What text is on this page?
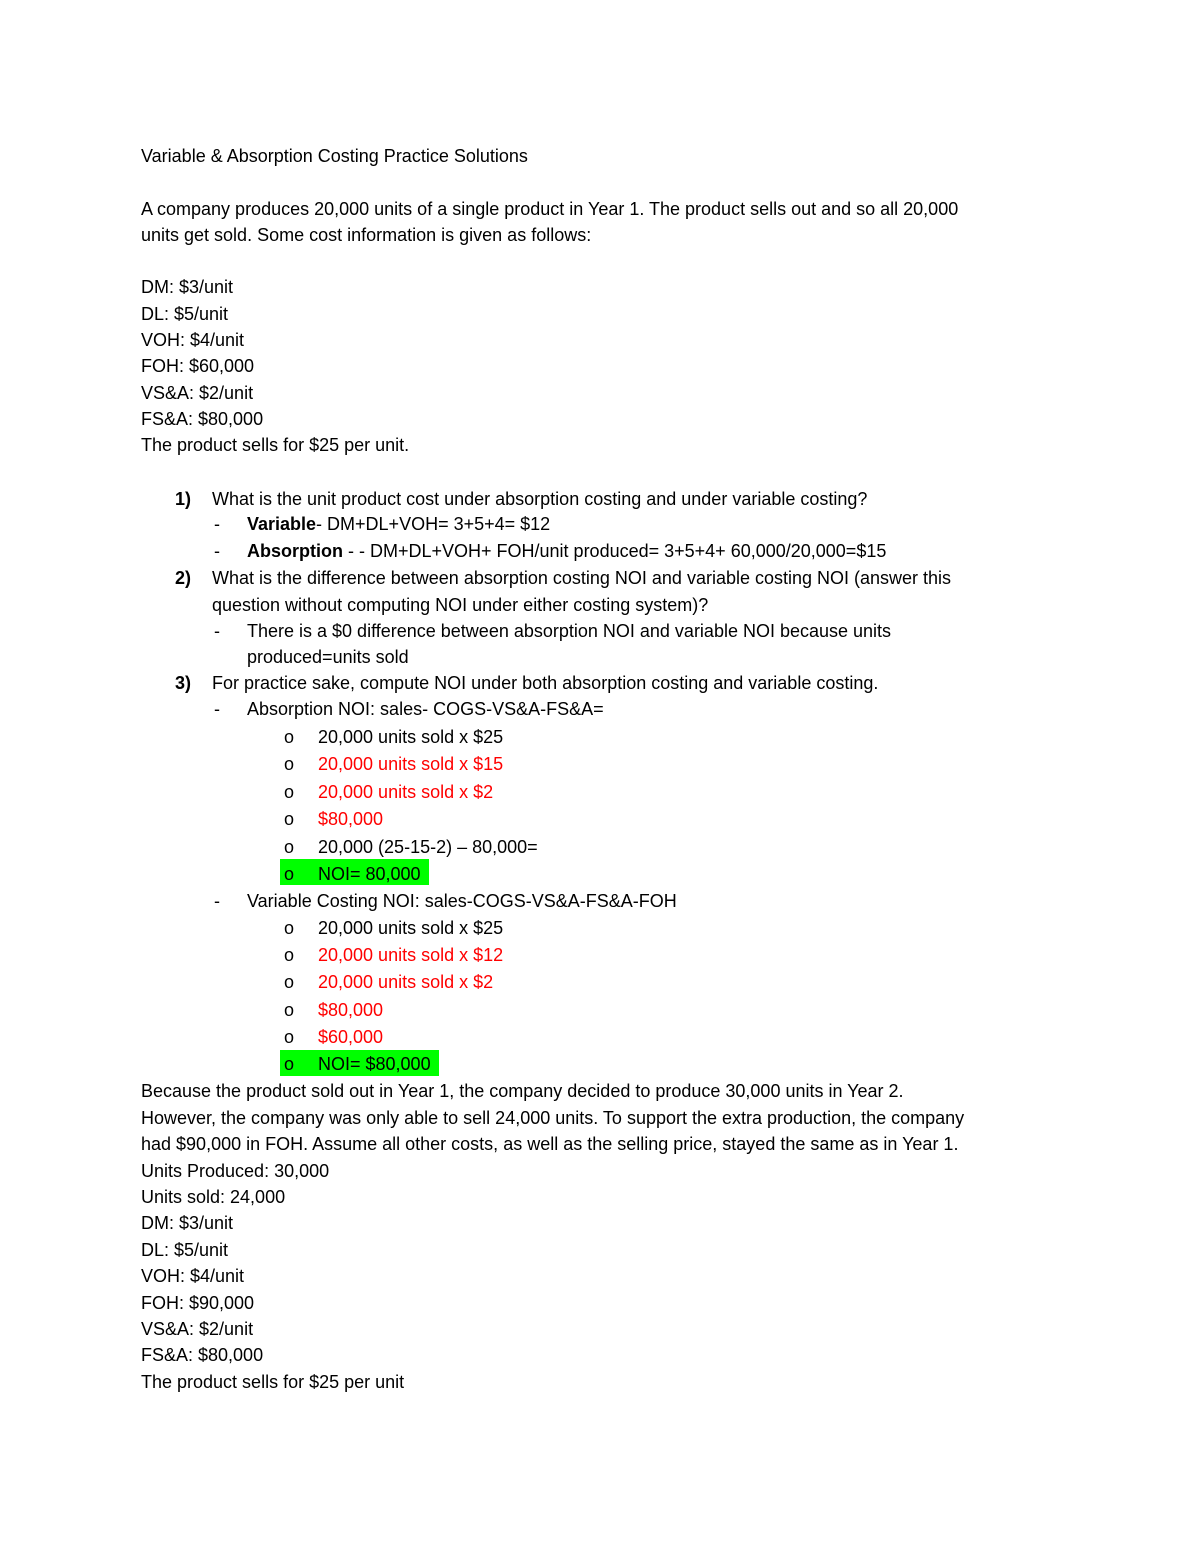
Variable & Absorption Costing Practice Solutions
A company produces 20,000 units of a single product in Year 1. The product sells out and so all 20,000
units get sold. Some cost information is given as follows:
DM: $3/unit
DL: $5/unit
VOH: $4/unit
FOH: $60,000
VS&A: $2/unit
FS&A: $80,000
The product sells for $25 per unit.
1) What is the unit product cost under absorption costing and under variable costing?
- Variable- DM+DL+VOH= 3+5+4= $12
- Absorption - - DM+DL+VOH+ FOH/unit produced= 3+5+4+ 60,000/20,000=$15
2) What is the difference between absorption costing NOI and variable costing NOI (answer this
question without computing NOI under either costing system)?
- There is a $0 difference between absorption NOI and variable NOI because units
produced=units sold
3) For practice sake, compute NOI under both absorption costing and variable costing.
- Absorption NOI: sales- COGS-VS&A-FS&A=
o 20,000 units sold x $25
o 20,000 units sold x $15
o 20,000 units sold x $2
o $80,000
o 20,000 (25-15-2) – 80,000=
o NOI= 80,000
- Variable Costing NOI: sales-COGS-VS&A-FS&A-FOH
o 20,000 units sold x $25
o 20,000 units sold x $12
o 20,000 units sold x $2
o $80,000
o $60,000
o NOI= $80,000
Because the product sold out in Year 1, the company decided to produce 30,000 units in Year 2.
However, the company was only able to sell 24,000 units. To support the extra production, the company
had $90,000 in FOH. Assume all other costs, as well as the selling price, stayed the same as in Year 1.
Units Produced: 30,000
Units sold: 24,000
DM: $3/unit
DL: $5/unit
VOH: $4/unit
FOH: $90,000
VS&A: $2/unit
FS&A: $80,000
The product sells for $25 per unit
